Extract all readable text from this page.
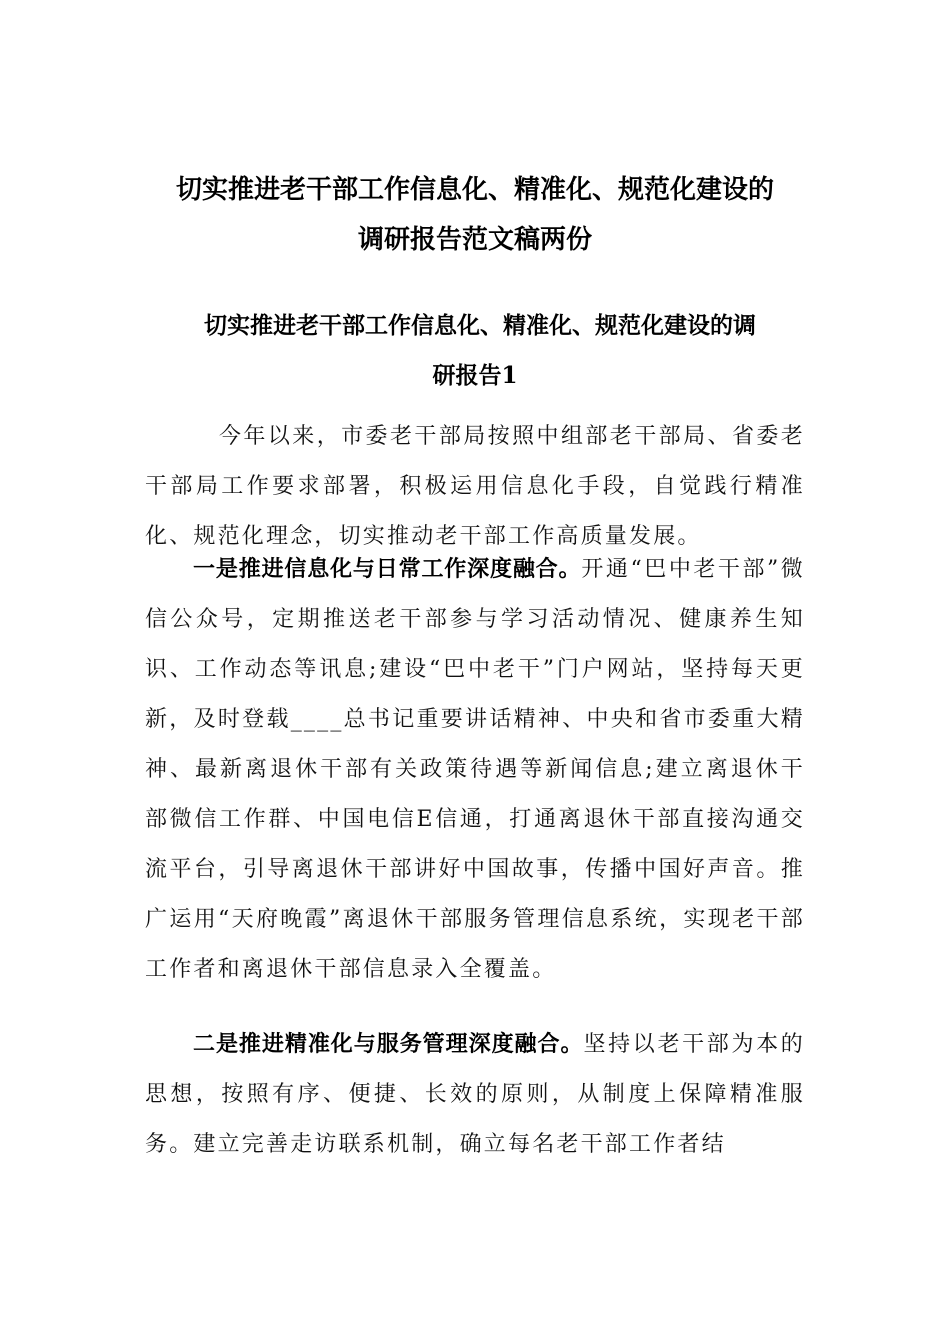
切实推进老干部工作信息化、精准化、规范化建设的
调研报告范文稿两份
切实推进老干部工作信息化、精准化、规范化建设的调
研报告1

今年以来，市委老干部局按照中组部老干部局、省委老干部局工作要求部署，积极运用信息化手段，自觉践行精准化、规范化理念，切实推动老干部工作高质量发展。

一是推进信息化与日常工作深度融合。开通“巴中老干部”微信公众号，定期推送老干部参与学习活动情况、健康养生知识、工作动态等讯息;建设“巴中老干”门户网站，坚持每天更新，及时登载____总书记重要讲话精神、中央和省市委重大精神、最新离退休干部有关政策待遇等新闻信息;建立离退休干部微信工作群、中国电信E信通，打通离退休干部直接沟通交流平台，引导离退休干部讲好中国故事，传播中国好声音。推广运用“天府晚霞”离退休干部服务管理信息系统，实现老干部工作者和离退休干部信息录入全覆盖。

二是推进精准化与服务管理深度融合。坚持以老干部为本的思想，按照有序、便捷、长效的原则，从制度上保障精准服务。建立完善走访联系机制，确立每名老干部工作者结
